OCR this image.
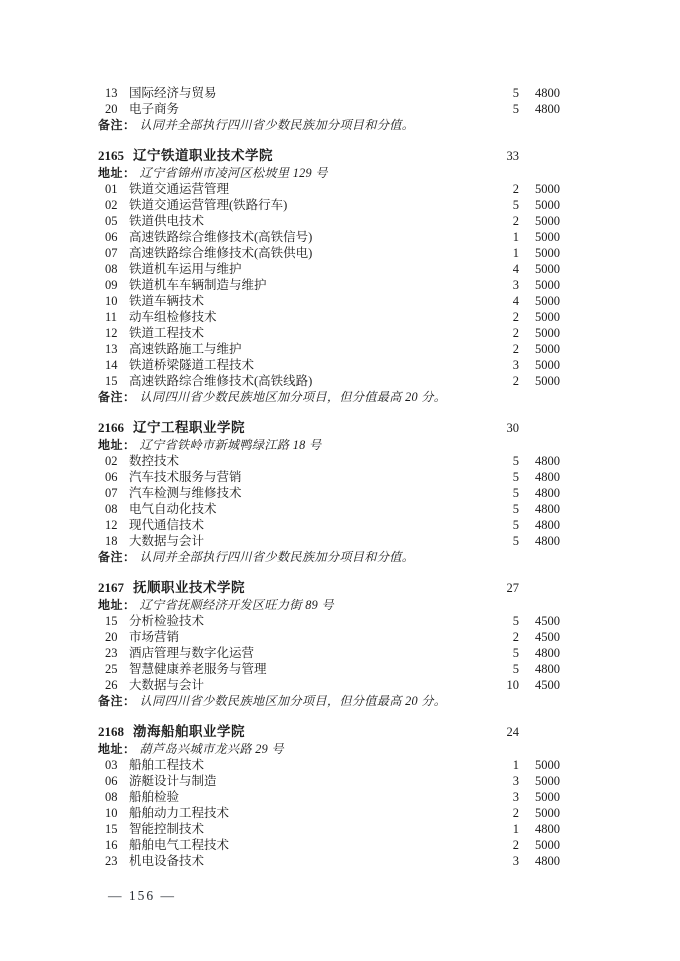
13 国际经济与贸易	5	4800
20 电子商务	5	4800
备注： 认同并全部执行四川省少数民族加分项目和分值。
2165 辽宁铁道职业技术学院	33
地址： 辽宁省锦州市凌河区松坡里 129 号
01 铁道交通运营管理	2	5000
02 铁道交通运营管理(铁路行车)	5	5000
05 铁道供电技术	2	5000
06 高速铁路综合维修技术(高铁信号)	1	5000
07 高速铁路综合维修技术(高铁供电)	1	5000
08 铁道机车运用与维护	4	5000
09 铁道机车车辆制造与维护	3	5000
10 铁道车辆技术	4	5000
11 动车组检修技术	2	5000
12 铁道工程技术	2	5000
13 高速铁路施工与维护	2	5000
14 铁道桥梁隧道工程技术	3	5000
15 高速铁路综合维修技术(高铁线路)	2	5000
备注： 认同四川省少数民族地区加分项目，但分值最高 20 分。
2166 辽宁工程职业学院	30
地址： 辽宁省铁岭市新城鸭绿江路 18 号
02 数控技术	5	4800
06 汽车技术服务与营销	5	4800
07 汽车检测与维修技术	5	4800
08 电气自动化技术	5	4800
12 现代通信技术	5	4800
18 大数据与会计	5	4800
备注： 认同并全部执行四川省少数民族加分项目和分值。
2167 抚顺职业技术学院	27
地址： 辽宁省抚顺经济开发区旺力街 89 号
15 分析检验技术	5	4500
20 市场营销	2	4500
23 酒店管理与数字化运营	5	4800
25 智慧健康养老服务与管理	5	4800
26 大数据与会计	10	4500
备注： 认同四川省少数民族地区加分项目，但分值最高 20 分。
2168 渤海船舶职业学院	24
地址： 葫芦岛兴城市龙兴路 29 号
03 船舶工程技术	1	5000
06 游艇设计与制造	3	5000
08 船舶检验	3	5000
10 船舶动力工程技术	2	5000
15 智能控制技术	1	4800
16 船舶电气工程技术	2	5000
23 机电设备技术	3	4800
— 156 —
